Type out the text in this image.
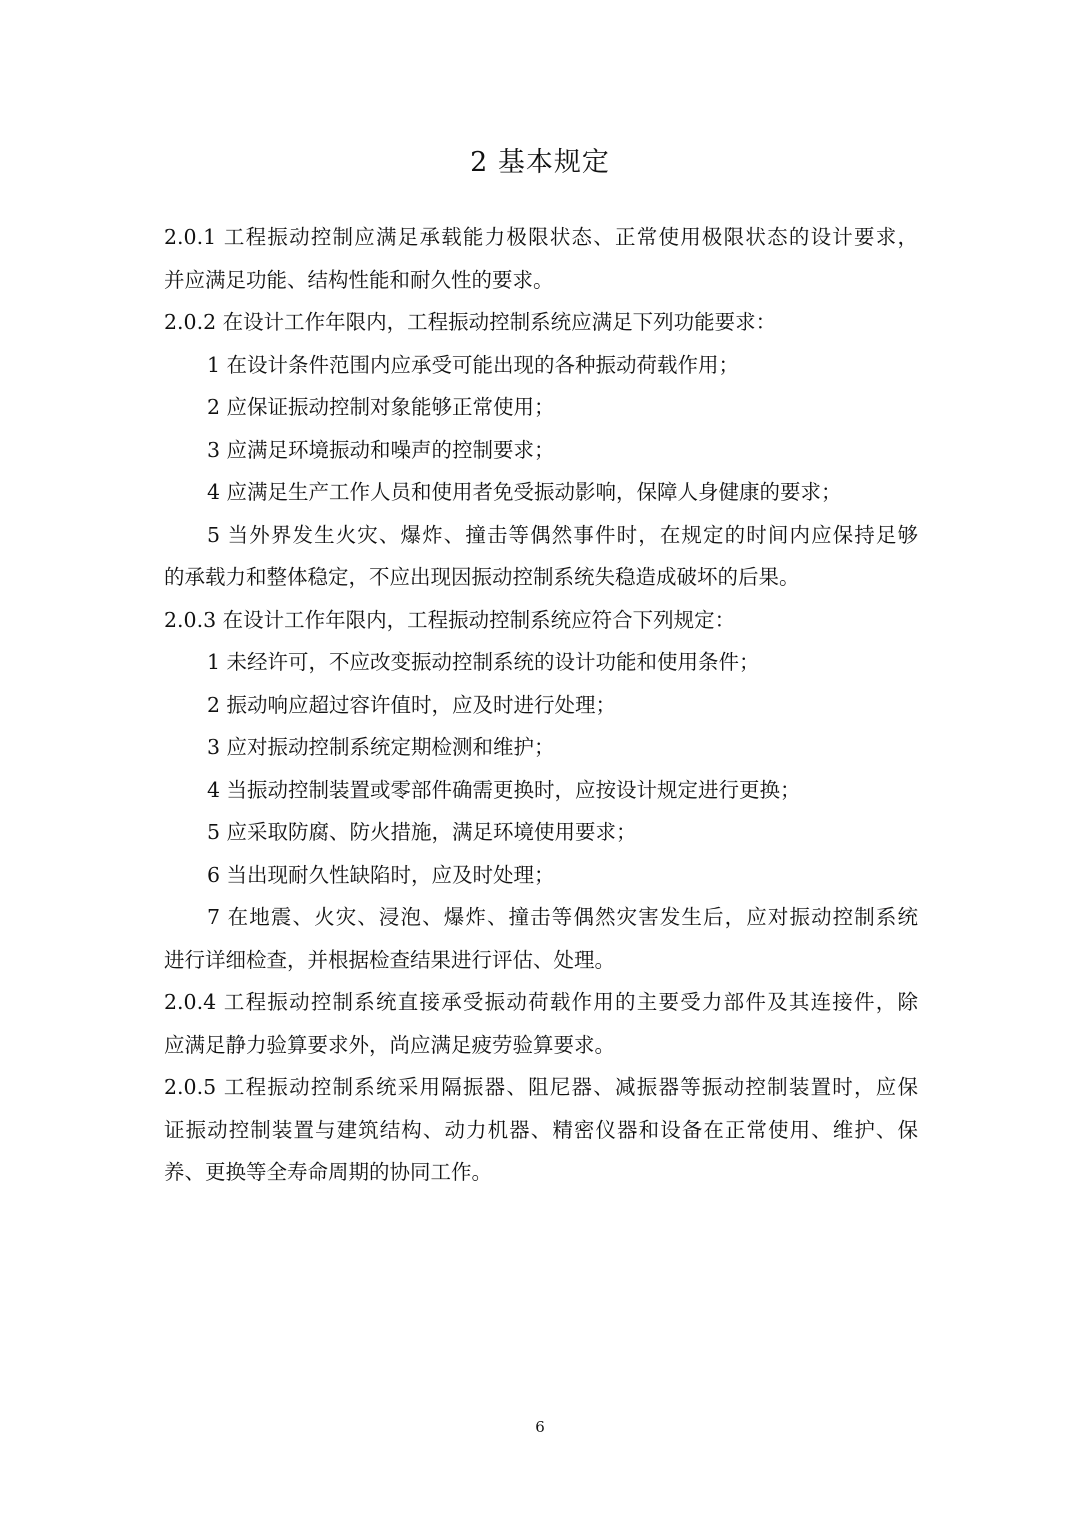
2 基本规定
2.0.1 工程振动控制应满足承载能力极限状态、正常使用极限状态的设计要求，
并应满足功能、结构性能和耐久性的要求。
2.0.2 在设计工作年限内，工程振动控制系统应满足下列功能要求：
1 在设计条件范围内应承受可能出现的各种振动荷载作用；
2 应保证振动控制对象能够正常使用；
3 应满足环境振动和噪声的控制要求；
4 应满足生产工作人员和使用者免受振动影响，保障人身健康的要求；
5 当外界发生火灾、爆炸、撞击等偶然事件时，在规定的时间内应保持足够
的承载力和整体稳定，不应出现因振动控制系统失稳造成破坏的后果。
2.0.3 在设计工作年限内，工程振动控制系统应符合下列规定：
1 未经许可，不应改变振动控制系统的设计功能和使用条件；
2 振动响应超过容许值时，应及时进行处理；
3 应对振动控制系统定期检测和维护；
4 当振动控制装置或零部件确需更换时，应按设计规定进行更换；
5 应采取防腐、防火措施，满足环境使用要求；
6 当出现耐久性缺陷时，应及时处理；
7 在地震、火灾、浸泡、爆炸、撞击等偶然灾害发生后，应对振动控制系统
进行详细检查，并根据检查结果进行评估、处理。
2.0.4 工程振动控制系统直接承受振动荷载作用的主要受力部件及其连接件，除
应满足静力验算要求外，尚应满足疲劳验算要求。
2.0.5 工程振动控制系统采用隔振器、阻尼器、减振器等振动控制装置时，应保
证振动控制装置与建筑结构、动力机器、精密仪器和设备在正常使用、维护、保
养、更换等全寿命周期的协同工作。
6
